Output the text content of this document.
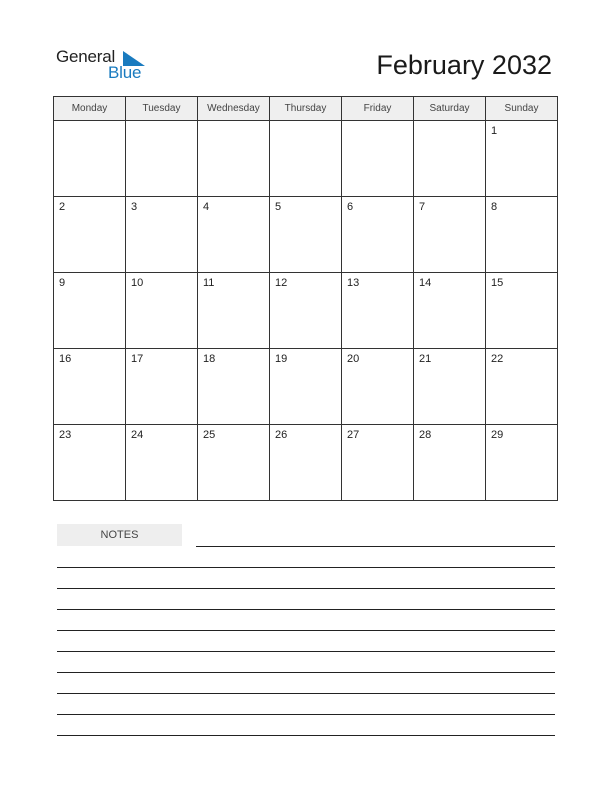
General
Blue	February 2032
Monday	Tuesday	Wednesday	Thursday	Friday	Saturday	Sunday

						1

2	3	4	5	6	7	8

9	10	11	12	13	14	15

16	17	18	19	20	21	22

23	24	25	26	27	28	29
NOTES
